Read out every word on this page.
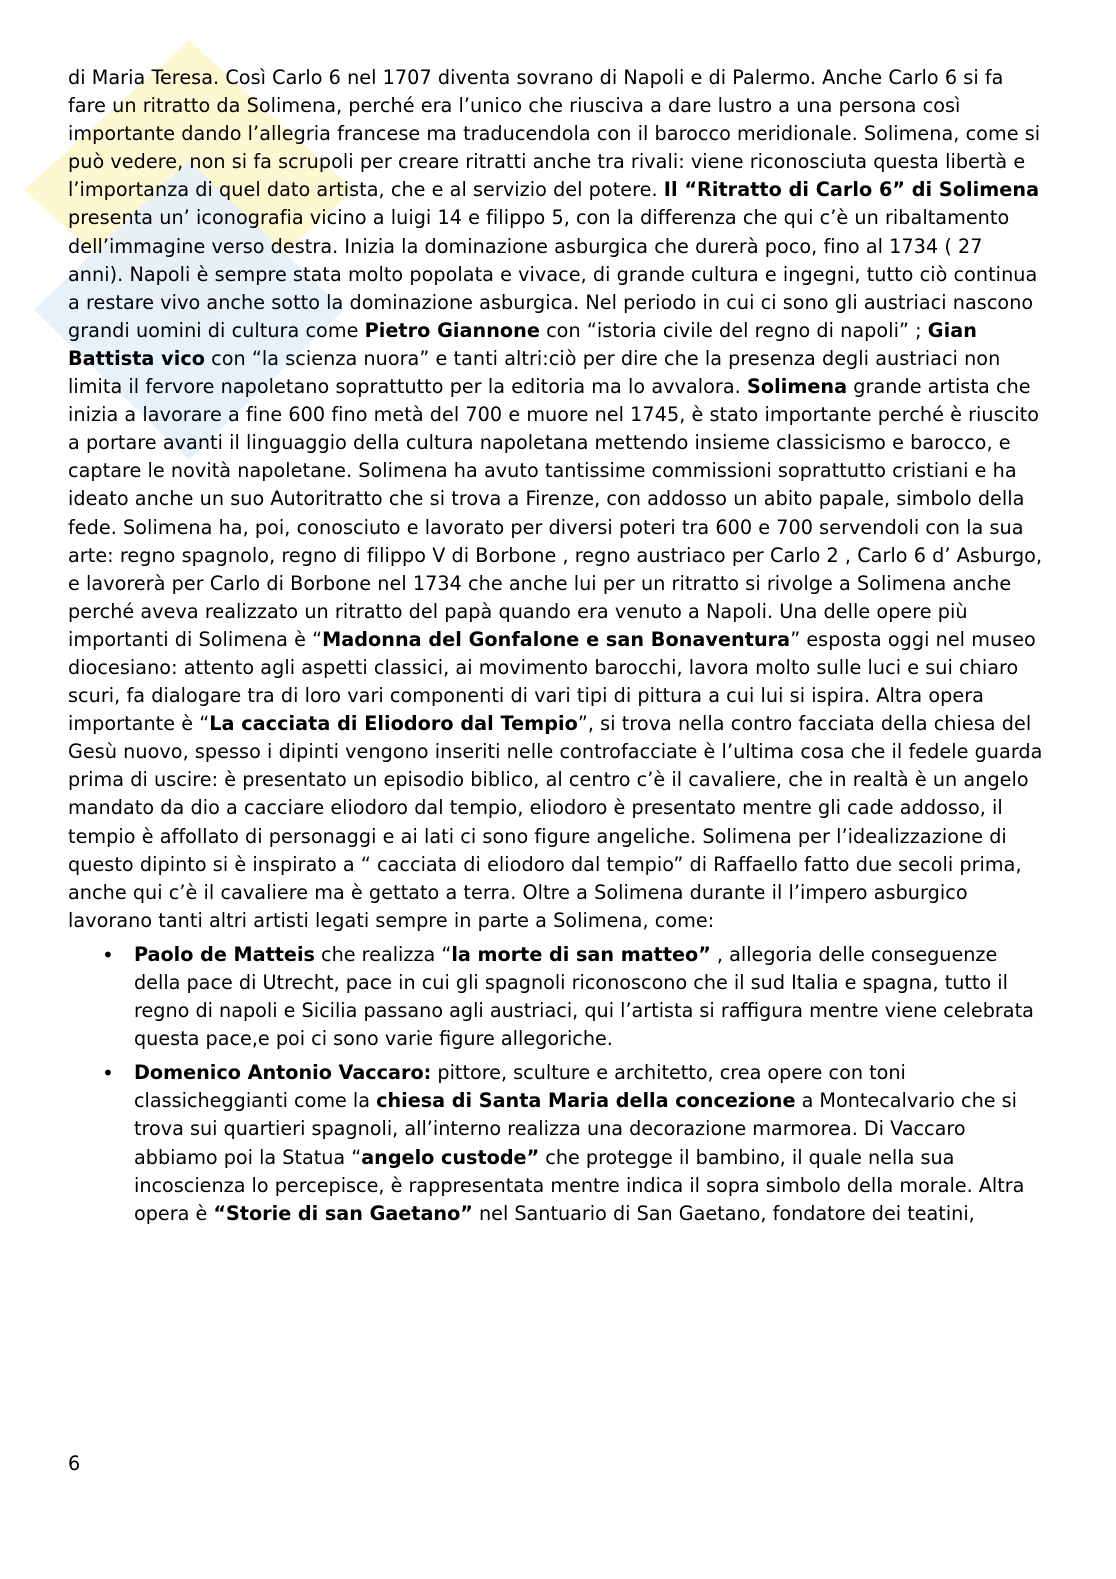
di Maria Teresa. Così Carlo 6 nel 1707 diventa sovrano di Napoli e di Palermo. Anche Carlo 6 si fa fare un ritratto da Solimena, perché era l’unico che riusciva a dare lustro a una persona così importante dando l’allegria francese ma traducendola con il barocco meridionale. Solimena, come si può vedere, non si fa scrupoli per creare ritratti anche tra rivali: viene riconosciuta questa libertà e l’importanza di quel dato artista, che e al servizio del potere. Il “Ritratto di Carlo 6” di Solimena presenta un’ iconografia vicino a luigi 14 e filippo 5, con la differenza che qui c’è un ribaltamento dell’immagine verso destra. Inizia la dominazione asburgica che durerà poco, fino al 1734 ( 27 anni). Napoli è sempre stata molto popolata e vivace, di grande cultura e ingegni, tutto ciò continua a restare vivo anche sotto la dominazione asburgica. Nel periodo in cui ci sono gli austriaci nascono grandi uomini di cultura come Pietro Giannone con “istoria civile del regno di napoli” ; Gian Battista vico con “la scienza nuora” e tanti altri:ciò per dire che la presenza degli austriaci non limita il fervore napoletano soprattutto per la editoria ma lo avvalora. Solimena grande artista che inizia a lavorare a fine 600 fino metà del 700 e muore nel 1745, è stato importante perché è riuscito a portare avanti il linguaggio della cultura napoletana mettendo insieme classicismo e barocco, e captare le novità napoletane. Solimena ha avuto tantissime commissioni soprattutto cristiani e ha ideato anche un suo Autoritratto che si trova a Firenze, con addosso un abito papale, simbolo della fede. Solimena ha, poi, conosciuto e lavorato per diversi poteri tra 600 e 700 servendoli con la sua arte: regno spagnolo, regno di filippo V di Borbone , regno austriaco per Carlo 2 , Carlo 6 d’ Asburgo, e lavorerà per Carlo di Borbone nel 1734 che anche lui per un ritratto si rivolge a Solimena anche perché aveva realizzato un ritratto del papà quando era venuto a Napoli. Una delle opere più importanti di Solimena è “Madonna del Gonfalone e san Bonaventura” esposta oggi nel museo diocesiano: attento agli aspetti classici, ai movimento barocchi, lavora molto sulle luci e sui chiaro scuri, fa dialogare tra di loro vari componenti di vari tipi di pittura a cui lui si ispira. Altra opera importante è “La cacciata di Eliodoro dal Tempio”, si trova nella contro facciata della chiesa del Gesù nuovo, spesso i dipinti vengono inseriti nelle controfacciate è l’ultima cosa che il fedele guarda prima di uscire: è presentato un episodio biblico, al centro c’è il cavaliere, che in realtà è un angelo mandato da dio a cacciare eliodoro dal tempio, eliodoro è presentato mentre gli cade addosso, il tempio è affollato di personaggi e ai lati ci sono figure angeliche. Solimena per l’idealizzazione di questo dipinto si è inspirato a “ cacciata di eliodoro dal tempio” di Raffaello fatto due secoli prima, anche qui c’è il cavaliere ma è gettato a terra. Oltre a Solimena durante il l’impero asburgico lavorano tanti altri artisti legati sempre in parte a Solimena, come:

• Paolo de Matteis che realizza “la morte di san matteo” , allegoria delle conseguenze della pace di Utrecht, pace in cui gli spagnoli riconoscono che il sud Italia e spagna, tutto il regno di napoli e Sicilia passano agli austriaci, qui l’artista si raffigura mentre viene celebrata questa pace,e poi ci sono varie figure allegoriche.
• Domenico Antonio Vaccaro: pittore, sculture e architetto, crea opere con toni classicheggianti come la chiesa di Santa Maria della concezione a Montecalvario che si trova sui quartieri spagnoli, all’interno realizza una decorazione marmorea. Di Vaccaro abbiamo poi la Statua “angelo custode” che protegge il bambino, il quale nella sua incoscienza lo percepisce, è rappresentata mentre indica il sopra simbolo della morale. Altra opera è “Storie di san Gaetano” nel Santuario di San Gaetano, fondatore dei teatini,
6
